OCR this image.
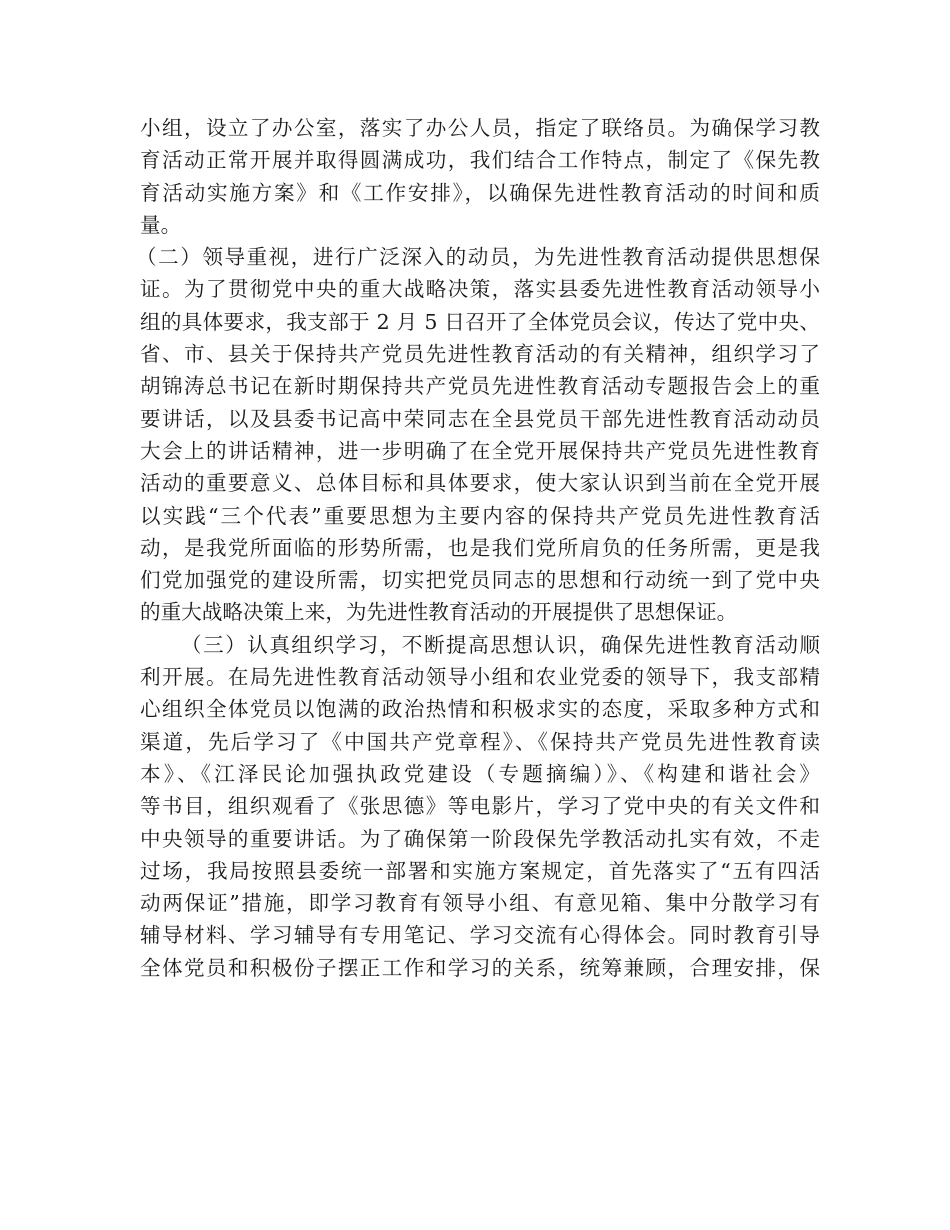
小组，设立了办公室，落实了办公人员，指定了联络员。为确保学习教
育活动正常开展并取得圆满成功，我们结合工作特点，制定了《保先教
育活动实施方案》和《工作安排》，以确保先进性教育活动的时间和质
量。
（二）领导重视，进行广泛深入的动员，为先进性教育活动提供思想保
证。为了贯彻党中央的重大战略决策，落实县委先进性教育活动领导小
组的具体要求，我支部于 2 月 5 日召开了全体党员会议，传达了党中央、
省、市、县关于保持共产党员先进性教育活动的有关精神，组织学习了
胡锦涛总书记在新时期保持共产党员先进性教育活动专题报告会上的重
要讲话，以及县委书记高中荣同志在全县党员干部先进性教育活动动员
大会上的讲话精神，进一步明确了在全党开展保持共产党员先进性教育
活动的重要意义、总体目标和具体要求，使大家认识到当前在全党开展
以实践“三个代表”重要思想为主要内容的保持共产党员先进性教育活
动，是我党所面临的形势所需，也是我们党所肩负的任务所需，更是我
们党加强党的建设所需，切实把党员同志的思想和行动统一到了党中央
的重大战略决策上来，为先进性教育活动的开展提供了思想保证。
（三）认真组织学习，不断提高思想认识，确保先进性教育活动顺
利开展。在局先进性教育活动领导小组和农业党委的领导下，我支部精
心组织全体党员以饱满的政治热情和积极求实的态度，采取多种方式和
渠道，先后学习了《中国共产党章程》、《保持共产党员先进性教育读
本》、《江泽民论加强执政党建设（专题摘编）》、《构建和谐社会》
等书目，组织观看了《张思德》等电影片，学习了党中央的有关文件和
中央领导的重要讲话。为了确保第一阶段保先学教活动扎实有效，不走
过场，我局按照县委统一部署和实施方案规定，首先落实了“五有四活
动两保证”措施，即学习教育有领导小组、有意见箱、集中分散学习有
辅导材料、学习辅导有专用笔记、学习交流有心得体会。同时教育引导
全体党员和积极份子摆正工作和学习的关系，统筹兼顾，合理安排，保
